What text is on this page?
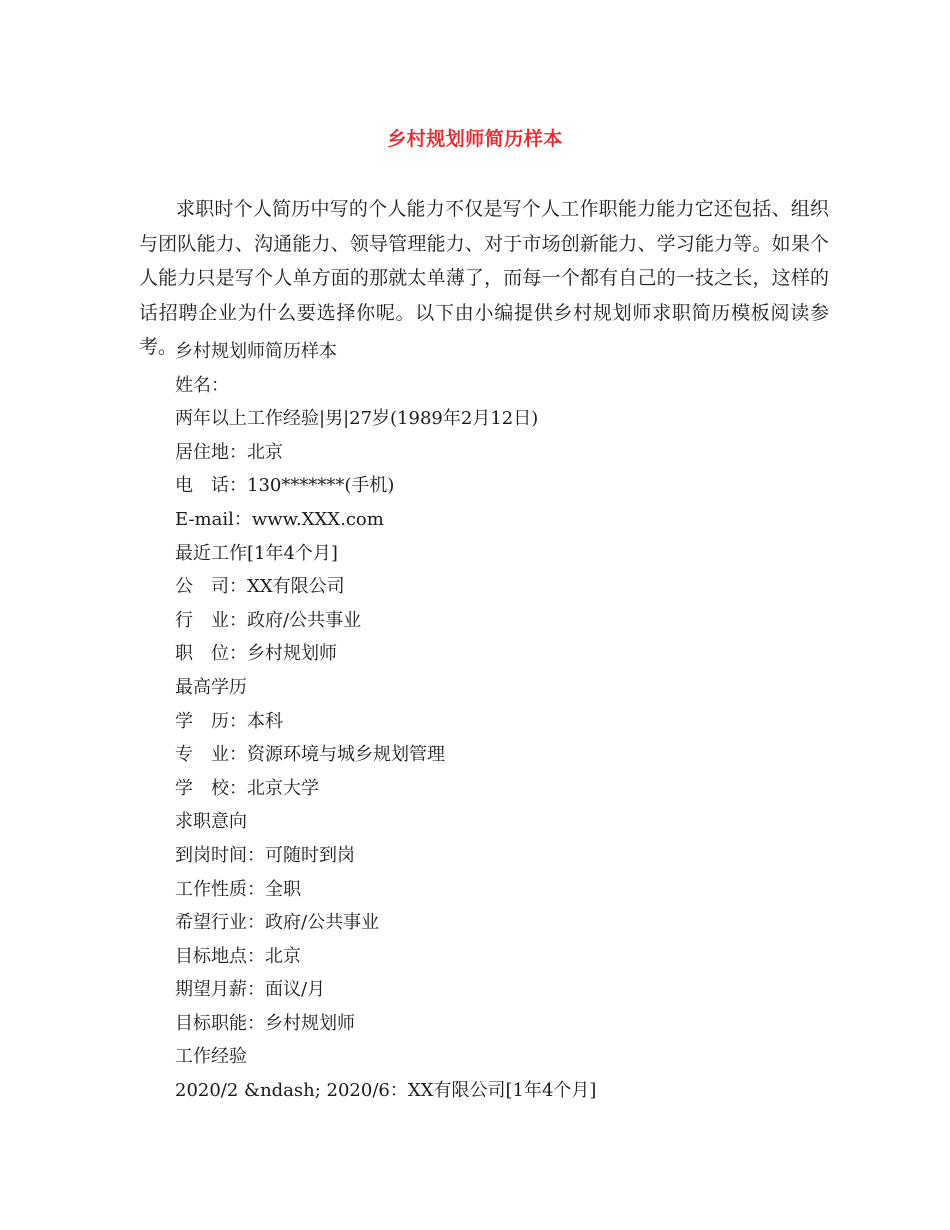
乡村规划师简历样本
求职时个人简历中写的个人能力不仅是写个人工作职能力能力它还包括、组织与团队能力、沟通能力、领导管理能力、对于市场创新能力、学习能力等。如果个人能力只是写个人单方面的那就太单薄了，而每一个都有自己的一技之长，这样的话招聘企业为什么要选择你呢。以下由小编提供乡村规划师求职简历模板阅读参考。
乡村规划师简历样本
姓名：
两年以上工作经验|男|27岁(1989年2月12日)
居住地：北京
电　话：130*******(手机)
E-mail：www.XXX.com
最近工作[1年4个月]
公　司：XX有限公司
行　业：政府/公共事业
职　位：乡村规划师
最高学历
学　历：本科
专　业：资源环境与城乡规划管理
学　校：北京大学
求职意向
到岗时间：可随时到岗
工作性质：全职
希望行业：政府/公共事业
目标地点：北京
期望月薪：面议/月
目标职能：乡村规划师
工作经验
2020/2 &ndash; 2020/6：XX有限公司[1年4个月]
